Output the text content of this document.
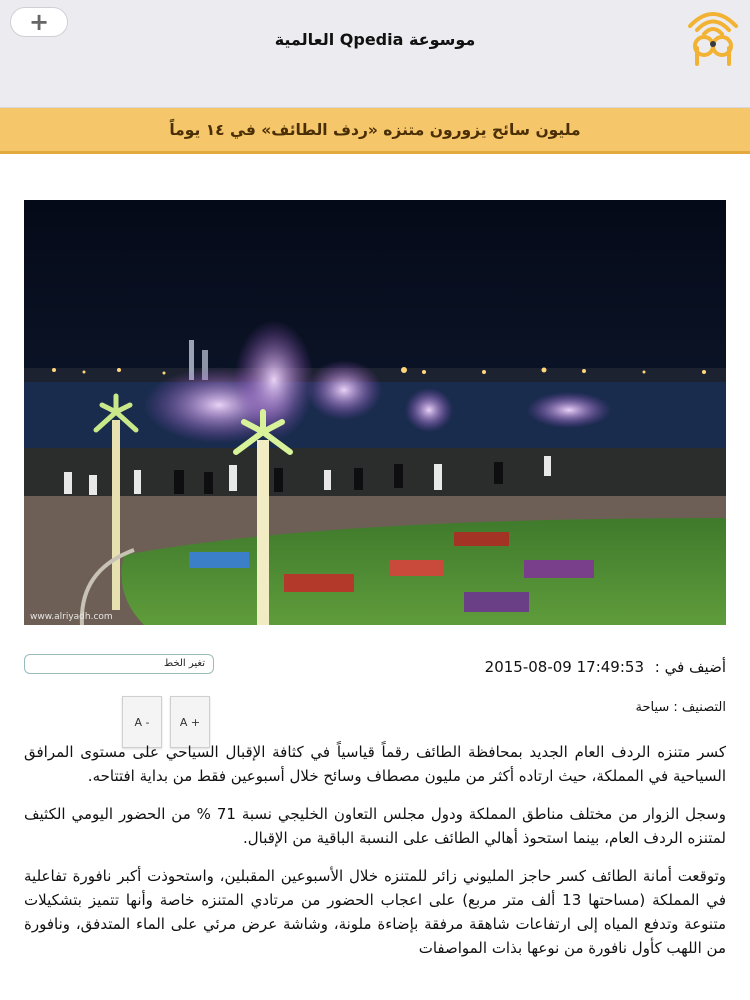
+
موسوعة Qpedia العالمية
مليون سائح يزورون متنزه «ردف الطائف» في ١٤ يوماً
www.alriyadh.com
تغير الخط	أضيف في : 2015-08-09 17:49:53
التصنيف : سياحة
A -	A +

كسر متنزه الردف العام الجديد بمحافظة الطائف رقماً قياسياً في كثافة الإقبال السياحي على مستوى المرافق السياحية في المملكة، حيث ارتاده أكثر من مليون مصطاف وسائح خلال أسبوعين فقط من بداية افتتاحه.

وسجل الزوار من مختلف مناطق المملكة ودول مجلس التعاون الخليجي نسبة 71 % من الحضور اليومي الكثيف لمتنزه الردف العام، بينما استحوذ أهالي الطائف على النسبة الباقية من الإقبال.

وتوقعت أمانة الطائف كسر حاجز المليوني زائر للمتنزه خلال الأسبوعين المقبلين، واستحوذت أكبر نافورة تفاعلية في المملكة (مساحتها 13 ألف متر مربع) على اعجاب الحضور من مرتادي المتنزه خاصة وأنها تتميز بتشكيلات متنوعة وتدفع المياه إلى ارتفاعات شاهقة مرفقة بإضاءة ملونة، وشاشة عرض مرئي على الماء المتدفق، ونافورة من اللهب كأول نافورة من نوعها بذات المواصفات
